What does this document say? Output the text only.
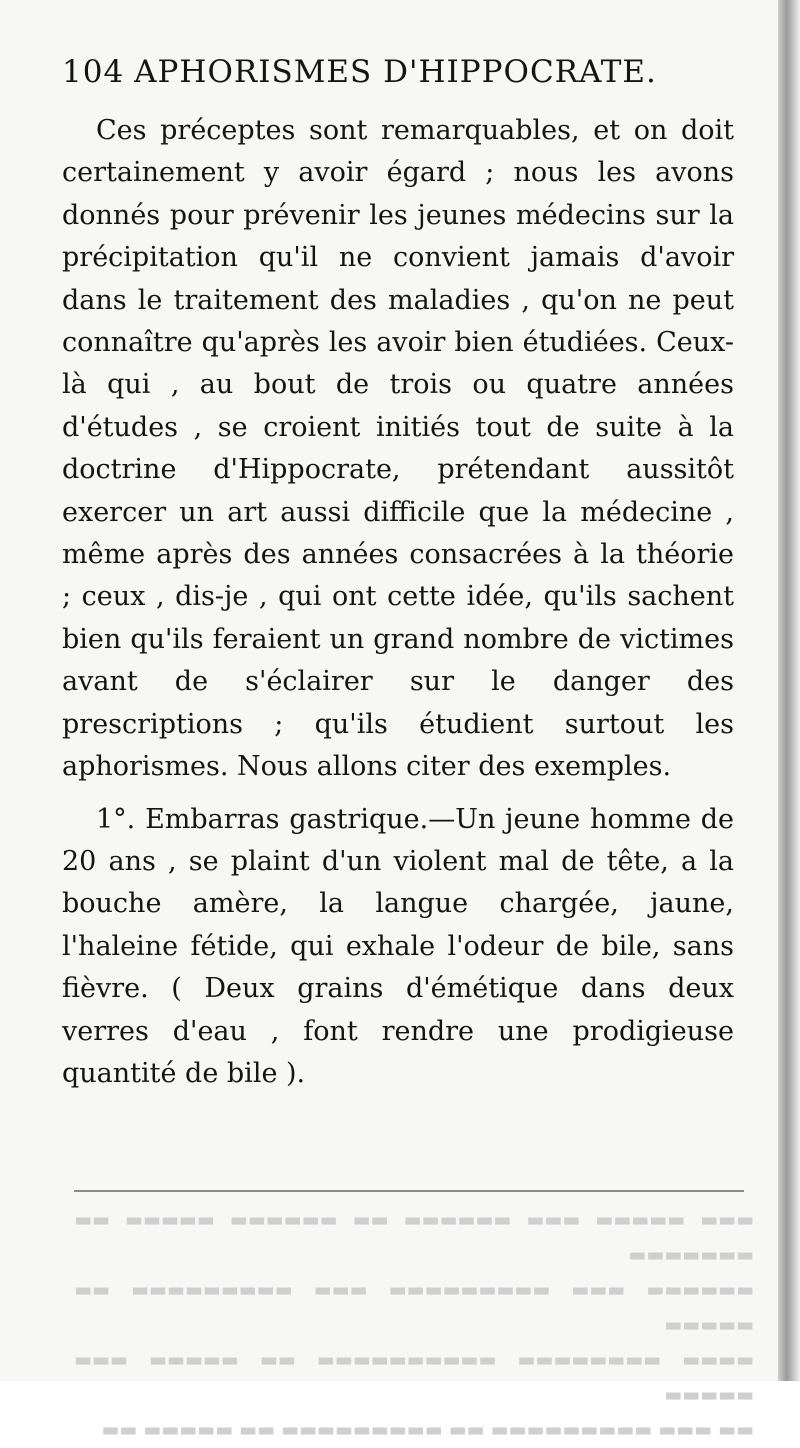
104 APHORISMES D'HIPPOCRATE.

Ces préceptes sont remarquables, et on doit certainement y avoir égard ; nous les avons donnés pour prévenir les jeunes médecins sur la précipitation qu'il ne convient jamais d'avoir dans le traitement des maladies , qu'on ne peut connaître qu'après les avoir bien étudiées. Ceux-là qui , au bout de trois ou quatre années d'études , se croient initiés tout de suite à la doctrine d'Hippocrate, prétendant aussitôt exercer un art aussi difficile que la médecine , même après des années consacrées à la théorie ; ceux , dis-je , qui ont cette idée, qu'ils sachent bien qu'ils feraient un grand nombre de victimes avant de s'éclairer sur le danger des prescriptions ; qu'ils étudient surtout les aphorismes. Nous allons citer des exemples.

1°. Embarras gastrique.—Un jeune homme de 20 ans , se plaint d'un violent mal de tête, a la bouche amère, la langue chargée, jaune, l'haleine fétide, qui exhale l'odeur de bile, sans fièvre. ( Deux grains d'émétique dans deux verres d'eau , font rendre une prodigieuse quantité de bile ).

▬▬▬ ▬▬▬▬▬ ▬▬▬ ▬▬▬▬▬▬ ▬▬ ▬▬▬▬▬▬ ▬▬▬▬▬ ▬▬ ▬▬▬▬▬▬▬
▬▬▬▬▬▬ ▬▬▬ ▬▬▬▬▬▬▬▬▬ ▬▬▬ ▬▬▬▬▬▬▬▬▬ ▬▬ ▬▬▬▬▬
▬▬▬▬ ▬▬▬▬▬▬▬▬ ▬▬▬▬▬▬▬▬▬▬ ▬▬ ▬▬▬▬▬ ▬▬▬ ▬▬▬▬▬
▬▬ ▬▬▬ ▬▬▬▬▬▬▬▬▬ ▬▬ ▬▬▬▬▬▬▬▬▬ ▬▬ ▬▬▬▬▬ ▬▬
